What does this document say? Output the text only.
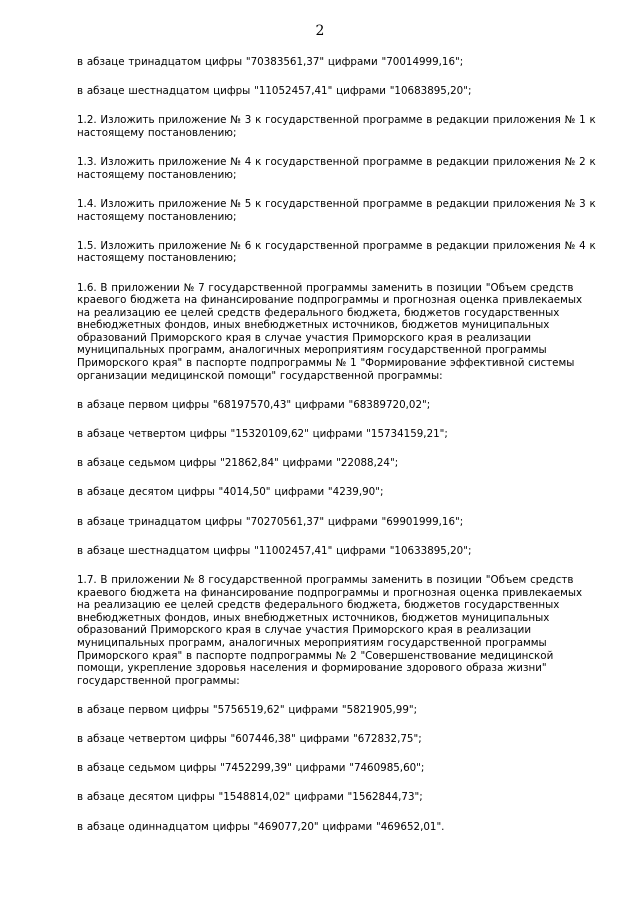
2

в абзаце тринадцатом цифры "70383561,37" цифрами "70014999,16";

в абзаце шестнадцатом цифры "11052457,41" цифрами "10683895,20";

1.2. Изложить приложение № 3 к государственной программе в редакции приложения № 1 к настоящему постановлению;

1.3. Изложить приложение № 4 к государственной программе в редакции приложения № 2 к настоящему постановлению;

1.4. Изложить приложение № 5 к государственной программе в редакции приложения № 3 к настоящему постановлению;

1.5. Изложить приложение № 6 к государственной программе в редакции приложения № 4 к настоящему постановлению;

1.6. В приложении № 7 государственной программы заменить в позиции "Объем средств краевого бюджета на финансирование подпрограммы и прогнозная оценка привлекаемых на реализацию ее целей средств федерального бюджета, бюджетов государственных внебюджетных фондов, иных внебюджетных источников, бюджетов муниципальных образований Приморского края в случае участия Приморского края в реализации муниципальных программ, аналогичных мероприятиям государственной программы Приморского края" в паспорте подпрограммы № 1 "Формирование эффективной системы организации медицинской помощи" государственной программы:

в абзаце первом цифры "68197570,43" цифрами "68389720,02";

в абзаце четвертом цифры "15320109,62" цифрами "15734159,21";

в абзаце седьмом цифры "21862,84" цифрами "22088,24";

в абзаце десятом цифры "4014,50" цифрами "4239,90";

в абзаце тринадцатом цифры "70270561,37" цифрами "69901999,16";

в абзаце шестнадцатом цифры "11002457,41" цифрами "10633895,20";

1.7. В приложении № 8 государственной программы заменить в позиции "Объем средств краевого бюджета на финансирование подпрограммы и прогнозная оценка привлекаемых на реализацию ее целей средств федерального бюджета, бюджетов государственных внебюджетных фондов, иных внебюджетных источников, бюджетов муниципальных образований Приморского края в случае участия Приморского края в реализации муниципальных программ, аналогичных мероприятиям государственной программы Приморского края" в паспорте подпрограммы № 2 "Совершенствование медицинской помощи, укрепление здоровья населения и формирование здорового образа жизни" государственной программы:

в абзаце первом цифры "5756519,62" цифрами "5821905,99";

в абзаце четвертом цифры "607446,38" цифрами "672832,75";

в абзаце седьмом цифры "7452299,39" цифрами "7460985,60";

в абзаце десятом цифры "1548814,02" цифрами "1562844,73";

в абзаце одиннадцатом цифры "469077,20" цифрами "469652,01".
